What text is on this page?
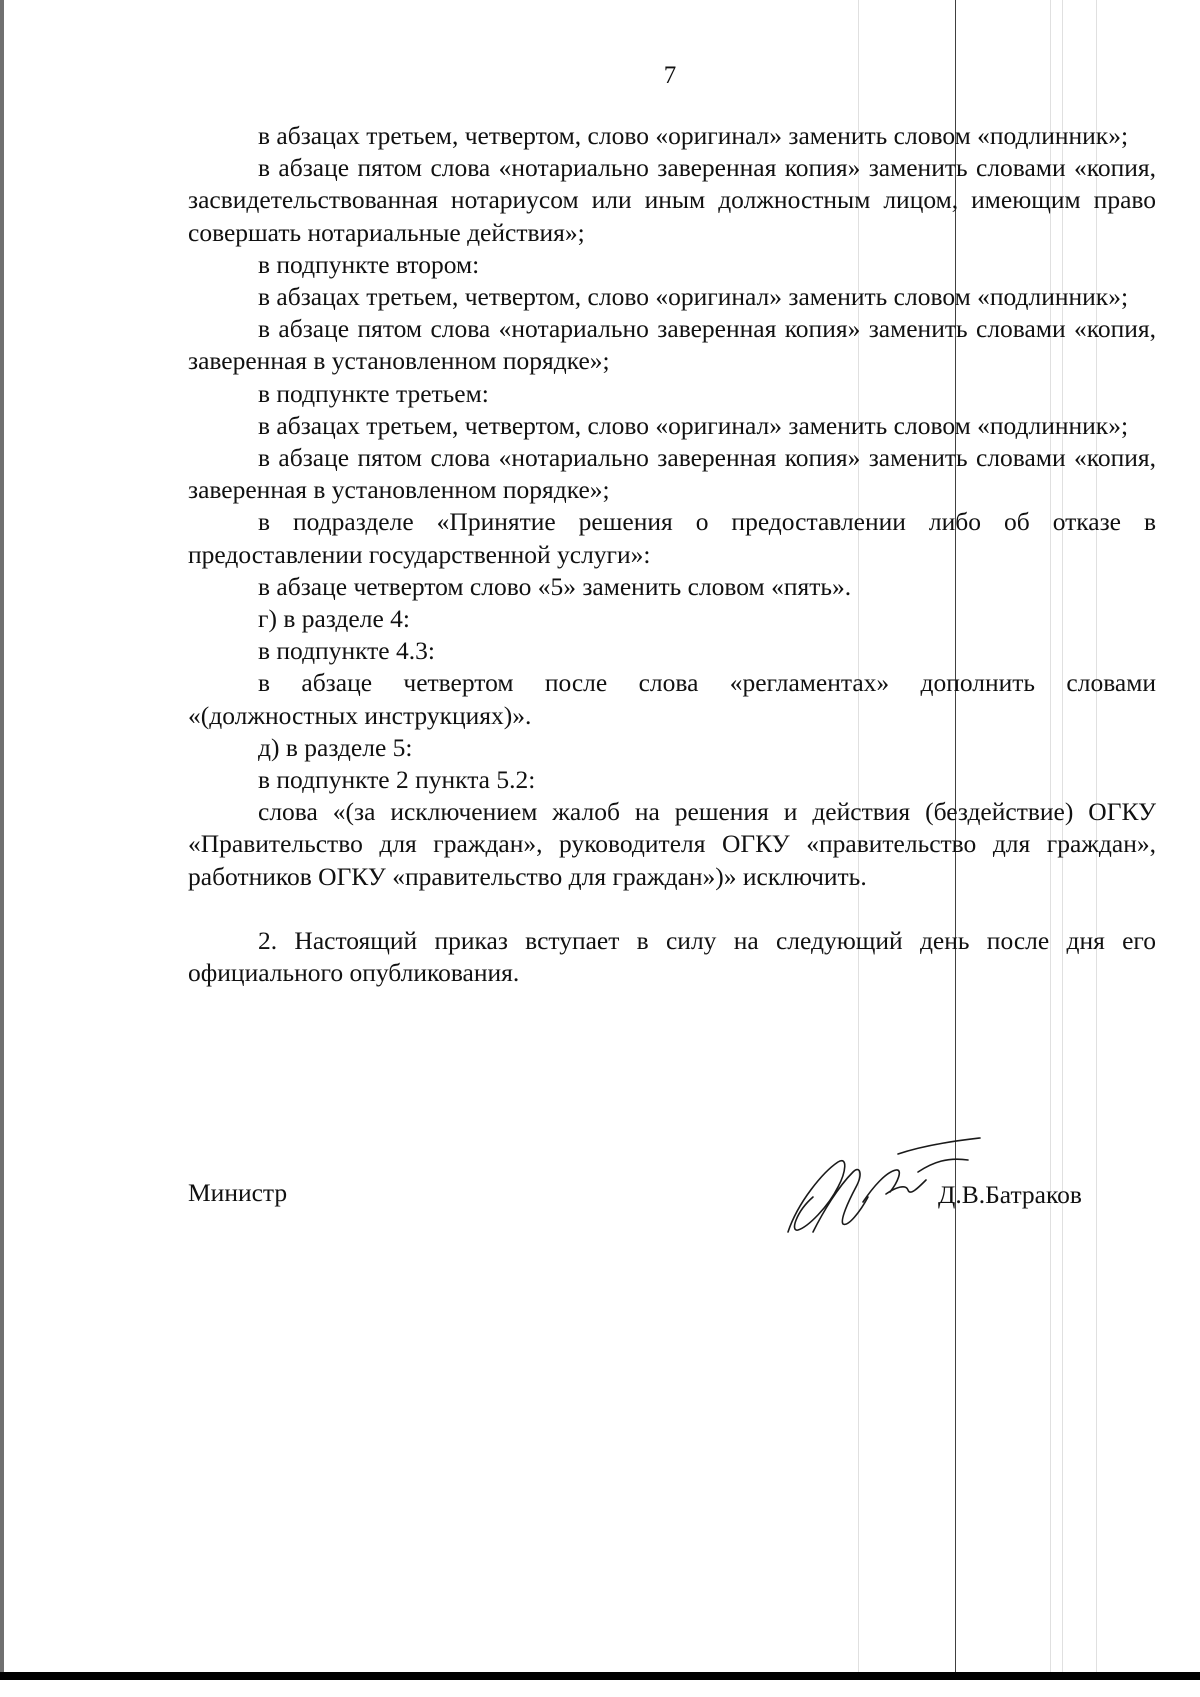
7

в абзацах третьем, четвертом, слово «оригинал» заменить словом «подлинник»;

в абзаце пятом слова «нотариально заверенная копия» заменить словами «копия, засвидетельствованная нотариусом или иным должностным лицом, имеющим право совершать нотариальные действия»;

в подпункте втором:

в абзацах третьем, четвертом, слово «оригинал» заменить словом «подлинник»;

в абзаце пятом слова «нотариально заверенная копия» заменить словами «копия, заверенная в установленном порядке»;

в подпункте третьем:

в абзацах третьем, четвертом, слово «оригинал» заменить словом «подлинник»;

в абзаце пятом слова «нотариально заверенная копия» заменить словами «копия, заверенная в установленном порядке»;

в подразделе «Принятие решения о предоставлении либо об отказе в предоставлении государственной услуги»:

в абзаце четвертом слово «5» заменить словом «пять».

г) в разделе 4:

в подпункте 4.3:

в абзаце четвертом после слова «регламентах» дополнить словами «(должностных инструкциях)».

д) в разделе 5:

в подпункте 2 пункта 5.2:

слова «(за исключением жалоб на решения и действия (бездействие) ОГКУ «Правительство для граждан», руководителя ОГКУ «правительство для граждан», работников ОГКУ «правительство для граждан»)» исключить.

2. Настоящий приказ вступает в силу на следующий день после дня его официального опубликования.

Министр	Д.В.Батраков
